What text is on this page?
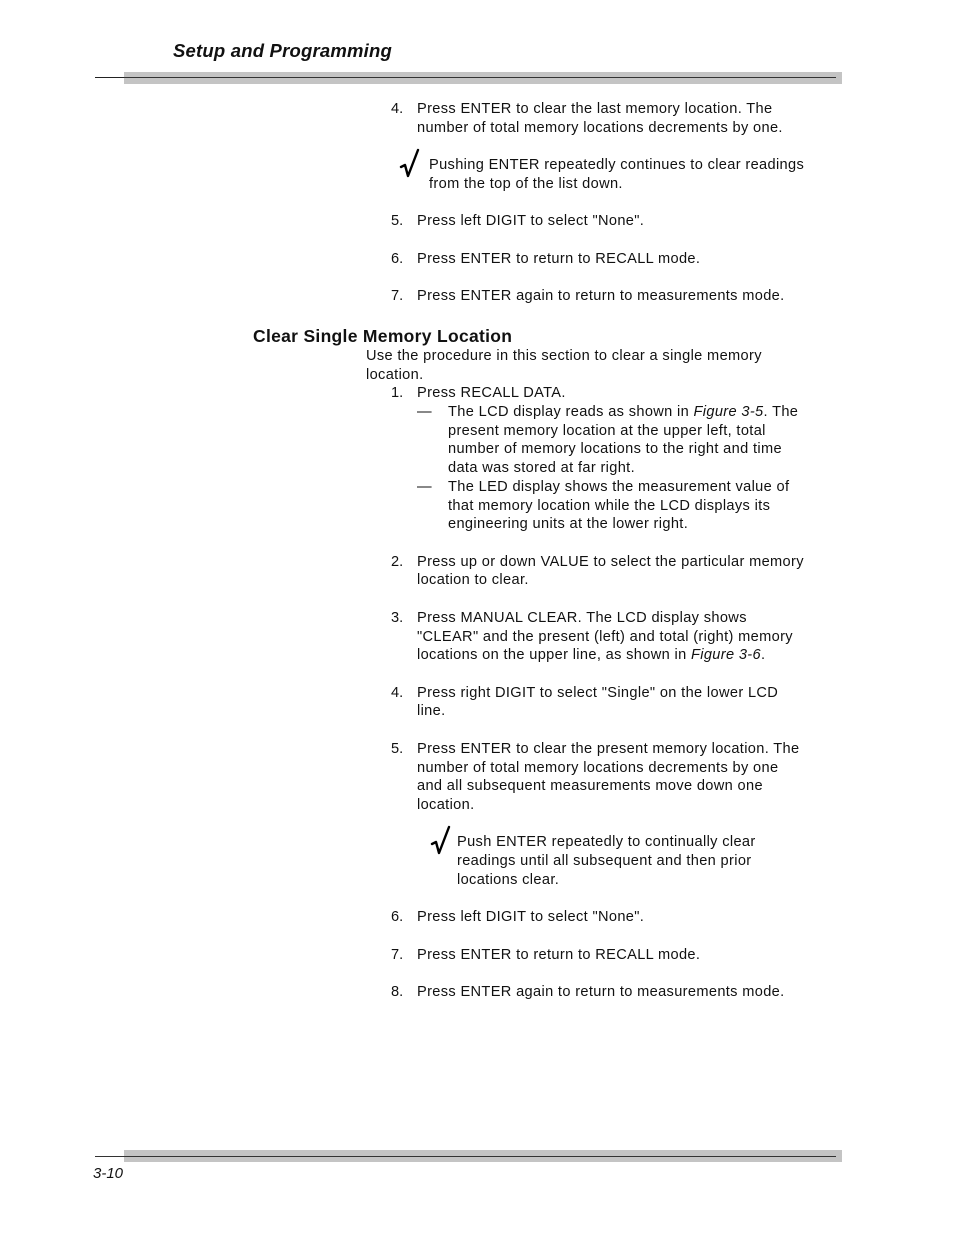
Setup and Programming
4. Press ENTER to clear the last memory location. The
number of total memory locations decrements by one.
Pushing ENTER repeatedly continues to clear readings
from the top of the list down.
5. Press left DIGIT to select "None".
6. Press ENTER to return to RECALL mode.
7. Press ENTER again to return to measurements mode.
Clear Single Memory Location
Use the procedure in this section to clear a single memory
location.
1. Press RECALL DATA.
— The LCD display reads as shown in Figure 3-5. The
present memory location at the upper left, total
number of memory locations to the right and time
data was stored at far right.
— The LED display shows the measurement value of
that memory location while the LCD displays its
engineering units at the lower right.
2. Press up or down VALUE to select the particular memory
location to clear.
3. Press MANUAL CLEAR. The LCD display shows
"CLEAR" and the present (left) and total (right) memory
locations on the upper line, as shown in Figure 3-6.
4. Press right DIGIT to select "Single" on the lower LCD
line.
5. Press ENTER to clear the present memory location. The
number of total memory locations decrements by one
and all subsequent measurements move down one
location.
Push ENTER repeatedly to continually clear
readings until all subsequent and then prior
locations clear.
6. Press left DIGIT to select "None".
7. Press ENTER to return to RECALL mode.
8. Press ENTER again to return to measurements mode.
3-10
